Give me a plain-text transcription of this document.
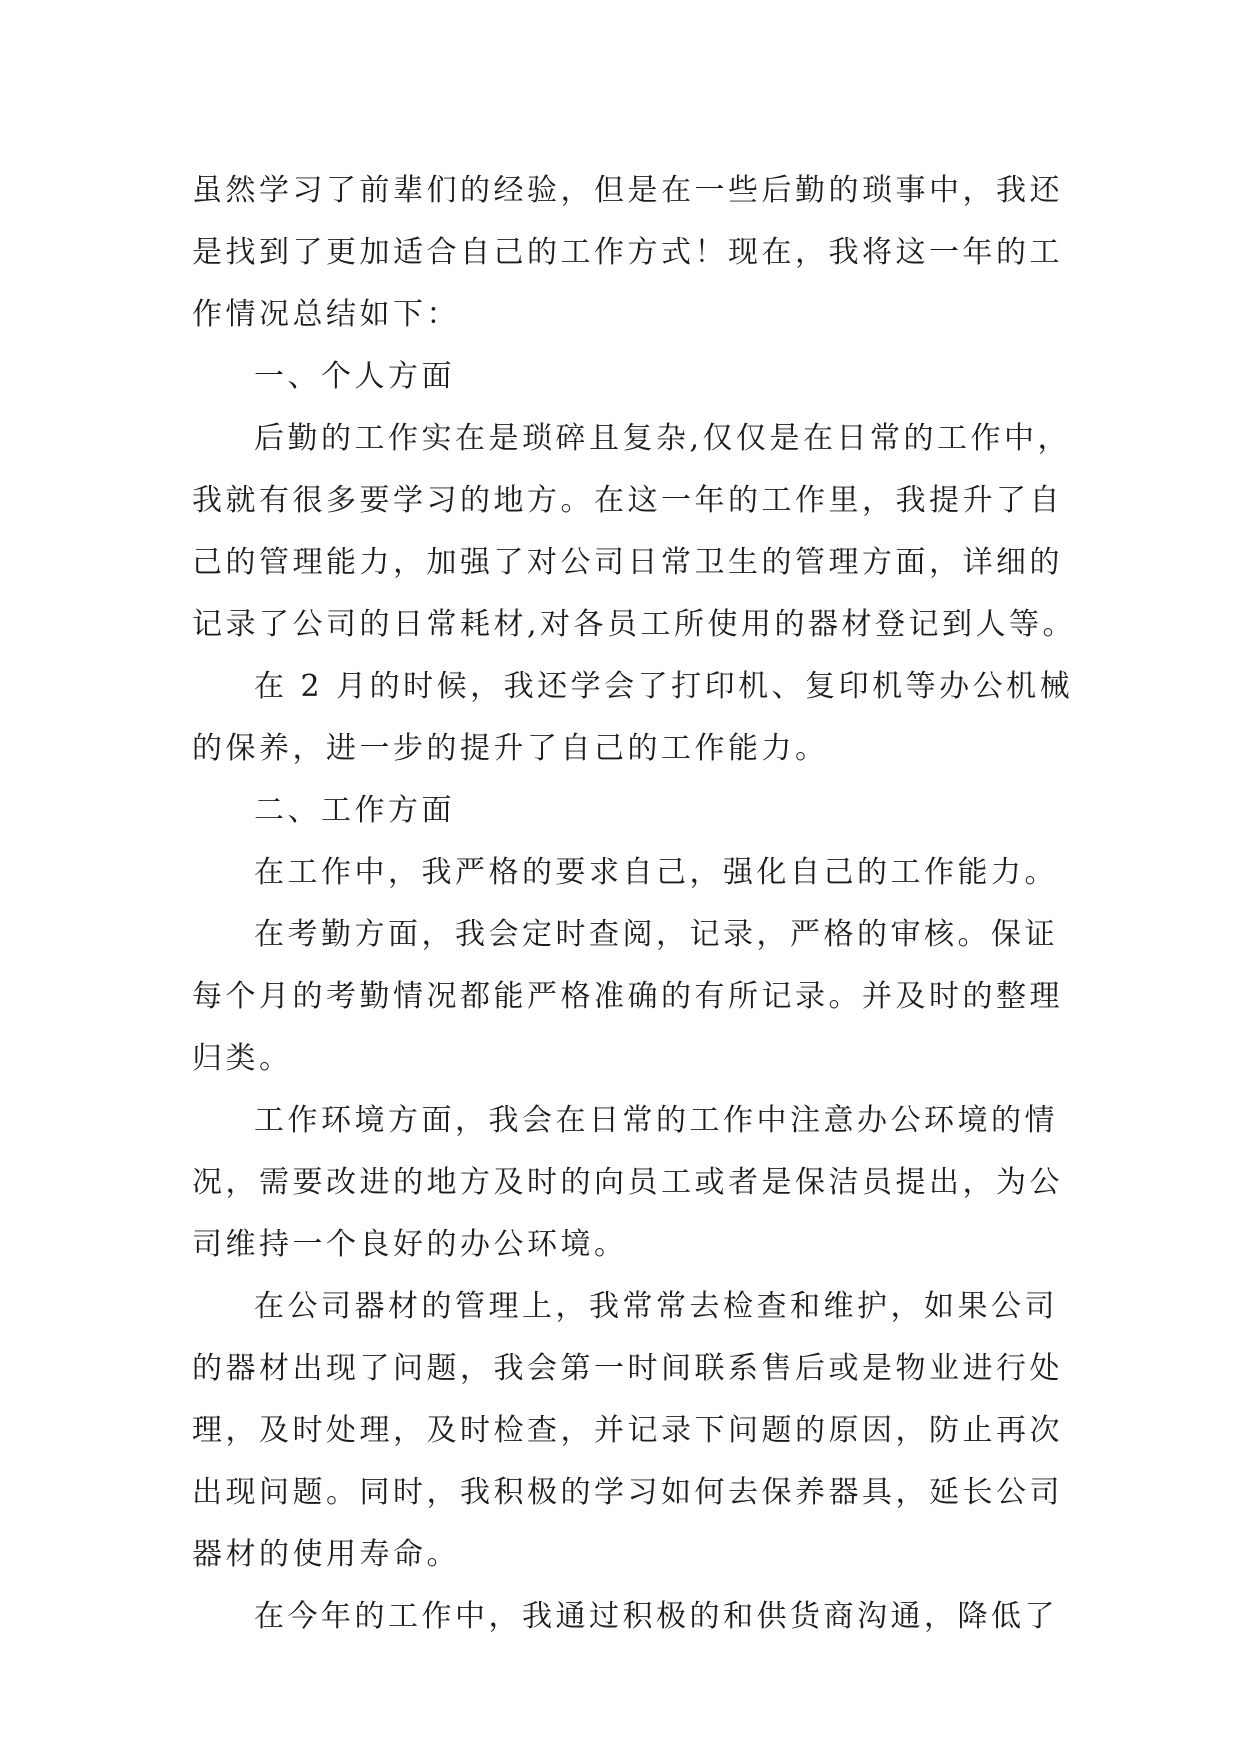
虽然学习了前辈们的经验，但是在一些后勤的琐事中，我还
是找到了更加适合自己的工作方式！现在，我将这一年的工
作情况总结如下：
一、个人方面
后勤的工作实在是琐碎且复杂,仅仅是在日常的工作中，
我就有很多要学习的地方。在这一年的工作里，我提升了自
己的管理能力，加强了对公司日常卫生的管理方面，详细的
记录了公司的日常耗材,对各员工所使用的器材登记到人等。
在 2 月的时候，我还学会了打印机、复印机等办公机械
的保养，进一步的提升了自己的工作能力。
二、工作方面
在工作中，我严格的要求自己，强化自己的工作能力。
在考勤方面，我会定时查阅，记录，严格的审核。保证
每个月的考勤情况都能严格准确的有所记录。并及时的整理
归类。
工作环境方面，我会在日常的工作中注意办公环境的情
况，需要改进的地方及时的向员工或者是保洁员提出，为公
司维持一个良好的办公环境。
在公司器材的管理上，我常常去检查和维护，如果公司
的器材出现了问题，我会第一时间联系售后或是物业进行处
理，及时处理，及时检查，并记录下问题的原因，防止再次
出现问题。同时，我积极的学习如何去保养器具，延长公司
器材的使用寿命。
在今年的工作中，我通过积极的和供货商沟通，降低了
